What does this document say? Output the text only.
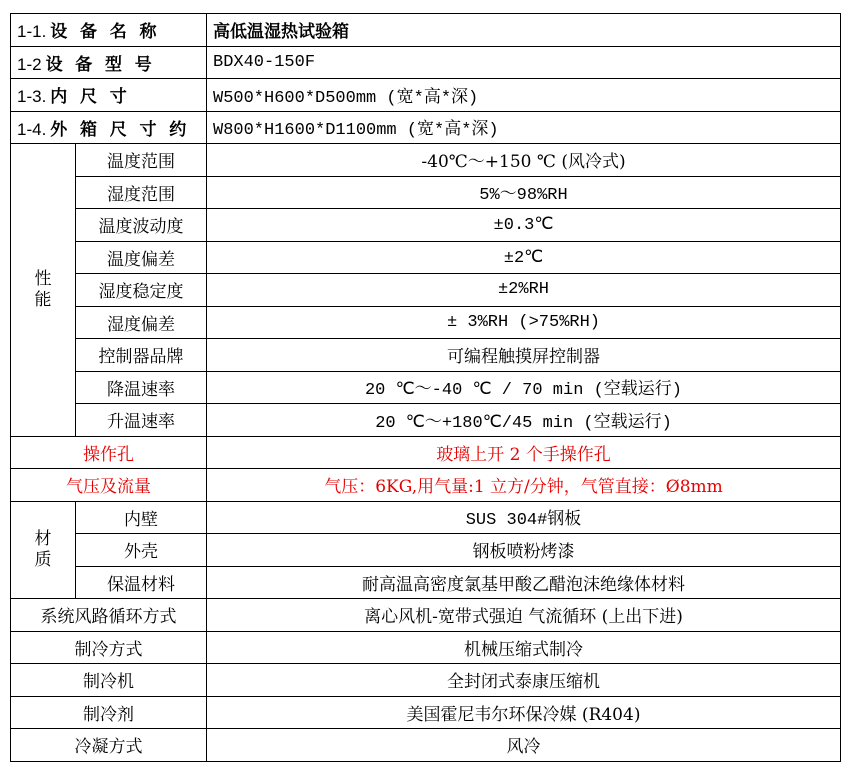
1-1. 设 备 名 称		高低温湿热试验箱
1-2 设 备 型 号		BDX40-150F
1-3. 内 尺 寸		W500*H600*D500mm (宽*高*深)
1-4. 外 箱 尺 寸 约		W800*H1600*D1100mm (宽*高*深)

性
能	温度范围	-40℃～+150 ℃ (风冷式)
	湿度范围	5%～98%RH
	温度波动度	±0.3℃
	温度偏差	±2℃
	湿度稳定度	±2%RH
	湿度偏差	± 3%RH (>75%RH)
	控制器品牌	可编程触摸屏控制器
	降温速率	20 ℃～-40 ℃ / 70 min (空载运行)
	升温速率	20 ℃～+180℃/45 min (空载运行)
操作孔		玻璃上开 2 个手操作孔
气压及流量		气压：6KG,用气量:1 立方/分钟，气管直接：Ø8mm

材
质	内壁	SUS 304#钢板
	外壳	钢板喷粉烤漆
	保温材料	耐高温高密度氯基甲酸乙醋泡沫绝缘体材料
系统风路循环方式		离心风机-宽带式强迫 气流循环 (上出下进)
制冷方式		机械压缩式制冷
制冷机		全封闭式泰康压缩机
制冷剂		美国霍尼韦尔环保冷媒 (R404)
冷凝方式		风冷
